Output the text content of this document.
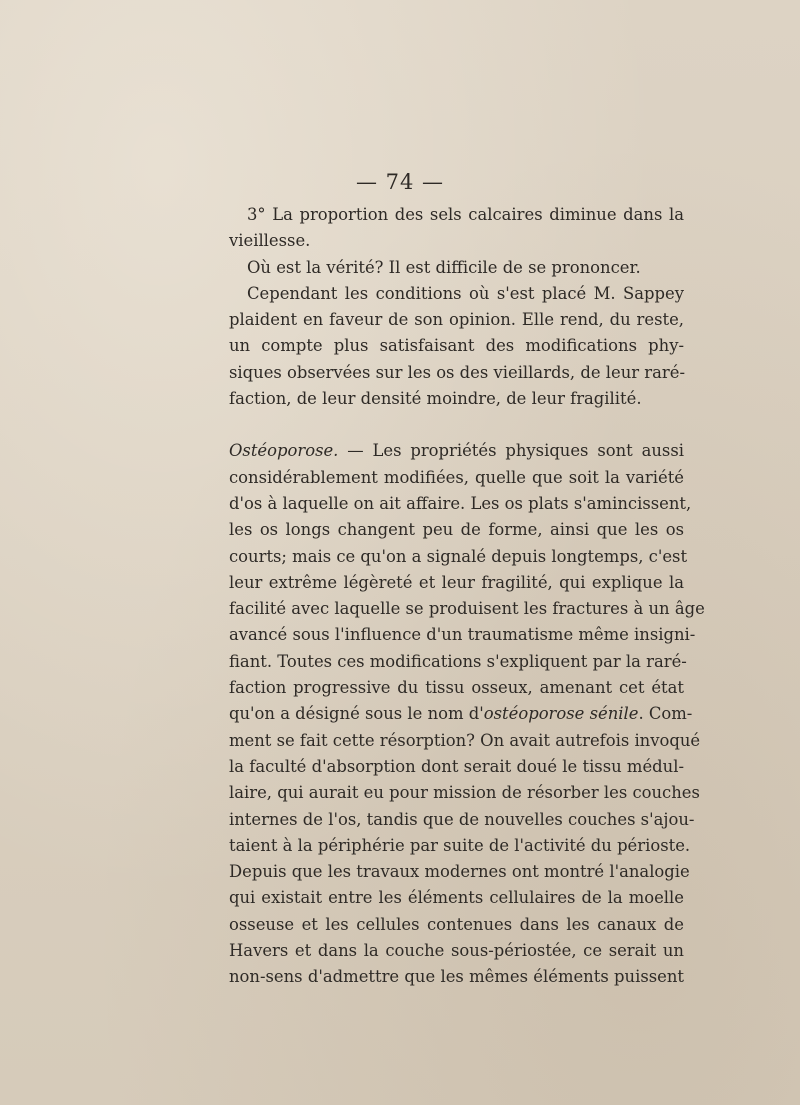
— 74 —
3° La proportion des sels calcaires diminue dans la
vieillesse.
Où est la vérité? Il est difficile de se prononcer.
Cependant les conditions où s'est placé M. Sappey
plaident en faveur de son opinion. Elle rend, du reste,
un compte plus satisfaisant des modifications phy-
siques observées sur les os des vieillards, de leur raré-
faction, de leur densité moindre, de leur fragilité.
Ostéoporose. — Les propriétés physiques sont aussi
considérablement modifiées, quelle que soit la variété
d'os à laquelle on ait affaire. Les os plats s'amincissent,
les os longs changent peu de forme, ainsi que les os
courts; mais ce qu'on a signalé depuis longtemps, c'est
leur extrême légèreté et leur fragilité, qui explique la
facilité avec laquelle se produisent les fractures à un âge
avancé sous l'influence d'un traumatisme même insigni-
fiant. Toutes ces modifications s'expliquent par la raré-
faction progressive du tissu osseux, amenant cet état
qu'on a désigné sous le nom d'ostéoporose sénile. Com-
ment se fait cette résorption? On avait autrefois invoqué
la faculté d'absorption dont serait doué le tissu médul-
laire, qui aurait eu pour mission de résorber les couches
internes de l'os, tandis que de nouvelles couches s'ajou-
taient à la périphérie par suite de l'activité du périoste.
Depuis que les travaux modernes ont montré l'analogie
qui existait entre les éléments cellulaires de la moelle
osseuse et les cellules contenues dans les canaux de
Havers et dans la couche sous-périostée, ce serait un
non-sens d'admettre que les mêmes éléments puissent
